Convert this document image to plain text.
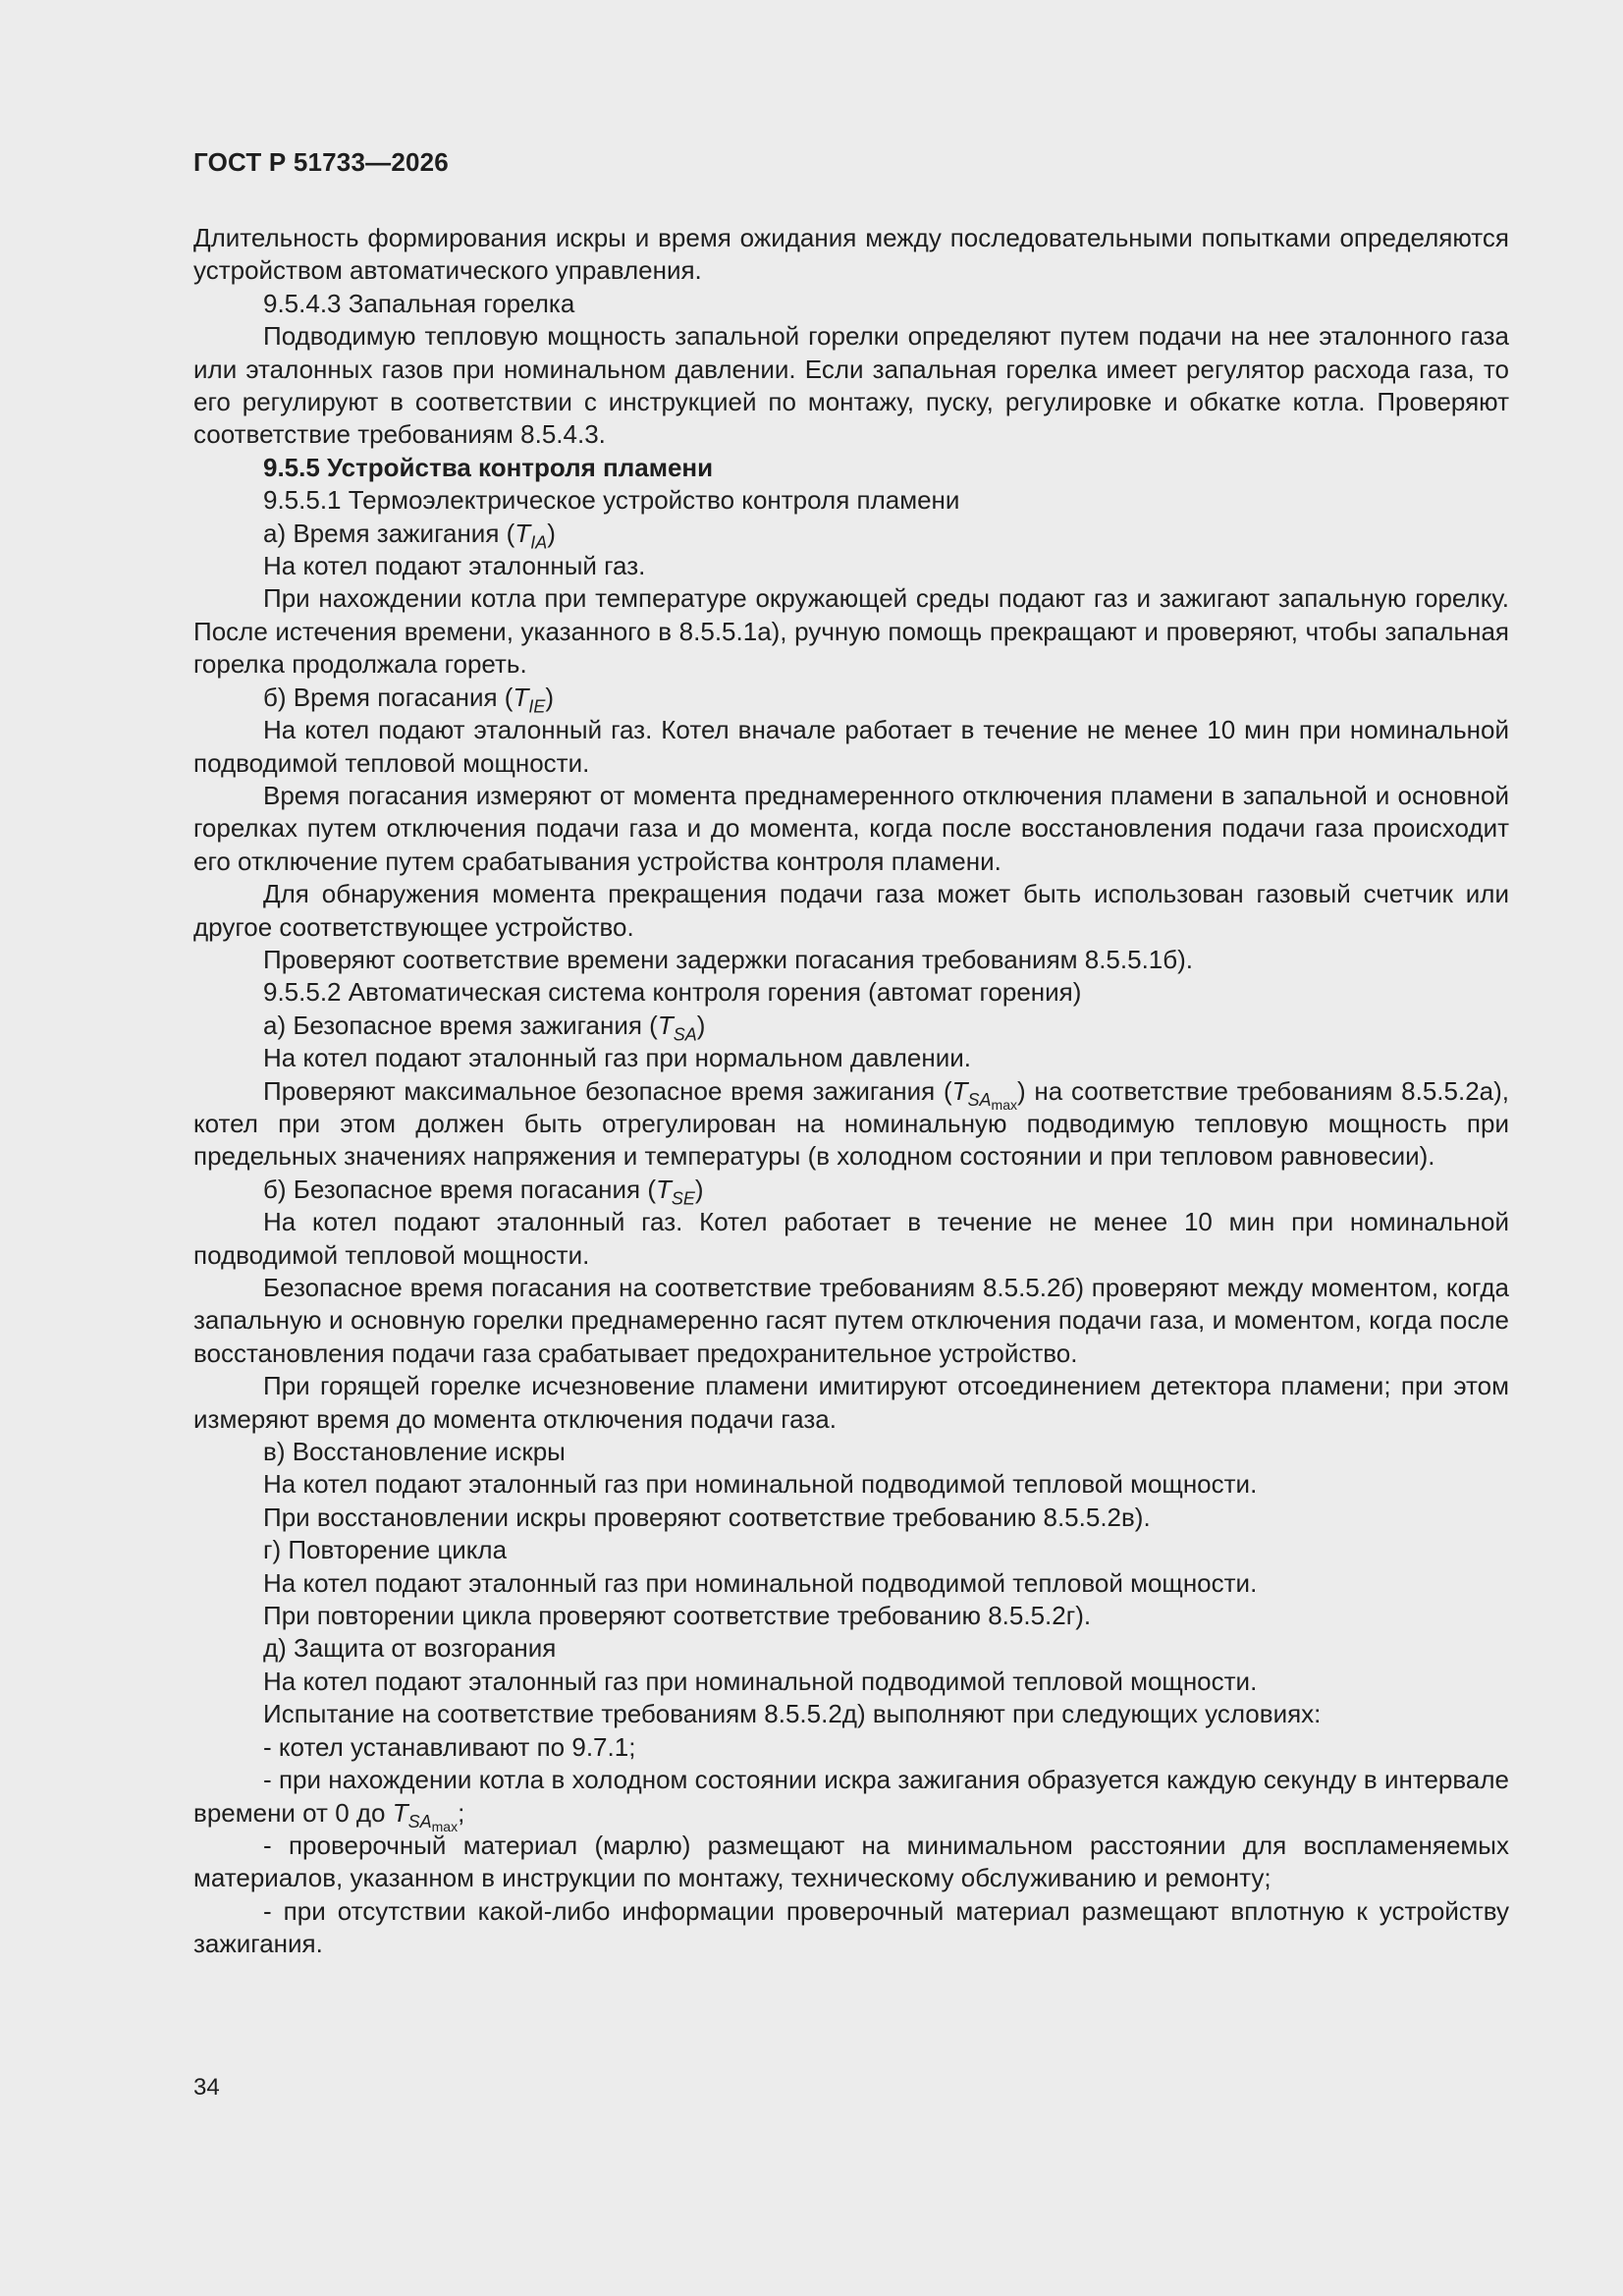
ГОСТ Р 51733—2026

Длительность формирования искры и время ожидания между последовательными попытками определяются устройством автоматического управления.

9.5.4.3 Запальная горелка

Подводимую тепловую мощность запальной горелки определяют путем подачи на нее эталонного газа или эталонных газов при номинальном давлении. Если запальная горелка имеет регулятор расхода газа, то его регулируют в соответствии с инструкцией по монтажу, пуску, регулировке и обкатке котла. Проверяют соответствие требованиям 8.5.4.3.

9.5.5 Устройства контроля пламени

9.5.5.1 Термоэлектрическое устройство контроля пламени

а) Время зажигания $(T_{IA})$

На котел подают эталонный газ.

При нахождении котла при температуре окружающей среды подают газ и зажигают запальную горелку. После истечения времени, указанного в 8.5.5.1а), ручную помощь прекращают и проверяют, чтобы запальная горелка продолжала гореть.

б) Время погасания $(T_{IE})$

На котел подают эталонный газ. Котел вначале работает в течение не менее 10 мин при номинальной подводимой тепловой мощности.

Время погасания измеряют от момента преднамеренного отключения пламени в запальной и основной горелках путем отключения подачи газа и до момента, когда после восстановления подачи газа происходит его отключение путем срабатывания устройства контроля пламени.

Для обнаружения момента прекращения подачи газа может быть использован газовый счетчик или другое соответствующее устройство.

Проверяют соответствие времени задержки погасания требованиям 8.5.5.1б).

9.5.5.2 Автоматическая система контроля горения (автомат горения)

а) Безопасное время зажигания $(T_{SA})$

На котел подают эталонный газ при нормальном давлении.

Проверяют максимальное безопасное время зажигания $(T_{SA_{max}})$ на соответствие требованиям 8.5.5.2а), котел при этом должен быть отрегулирован на номинальную подводимую тепловую мощность при предельных значениях напряжения и температуры (в холодном состоянии и при тепловом равновесии).

б) Безопасное время погасания $(T_{SE})$

На котел подают эталонный газ. Котел работает в течение не менее 10 мин при номинальной подводимой тепловой мощности.

Безопасное время погасания на соответствие требованиям 8.5.5.2б) проверяют между моментом, когда запальную и основную горелки преднамеренно гасят путем отключения подачи газа, и моментом, когда после восстановления подачи газа срабатывает предохранительное устройство.

При горящей горелке исчезновение пламени имитируют отсоединением детектора пламени; при этом измеряют время до момента отключения подачи газа.

в) Восстановление искры

На котел подают эталонный газ при номинальной подводимой тепловой мощности.

При восстановлении искры проверяют соответствие требованию 8.5.5.2в).

г) Повторение цикла

На котел подают эталонный газ при номинальной подводимой тепловой мощности.

При повторении цикла проверяют соответствие требованию 8.5.5.2г).

д) Защита от возгорания

На котел подают эталонный газ при номинальной подводимой тепловой мощности.

Испытание на соответствие требованиям 8.5.5.2д) выполняют при следующих условиях:

- котел устанавливают по 9.7.1;

- при нахождении котла в холодном состоянии искра зажигания образуется каждую секунду в интервале времени от 0 до $T_{SA_{max}}$;

- проверочный материал (марлю) размещают на минимальном расстоянии для воспламеняемых материалов, указанном в инструкции по монтажу, техническому обслуживанию и ремонту;

- при отсутствии какой-либо информации проверочный материал размещают вплотную к устройству зажигания.

34
